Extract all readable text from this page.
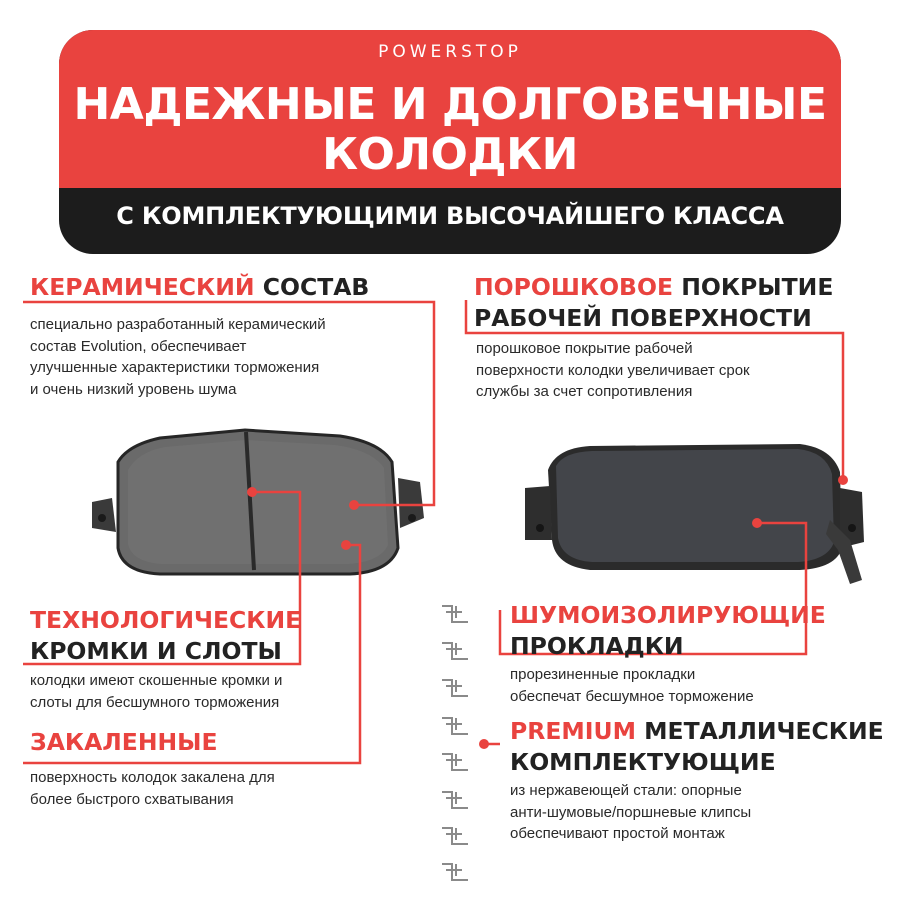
POWERSTOP
НАДЕЖНЫЕ И ДОЛГОВЕЧНЫЕ
КОЛОДКИ
С КОМПЛЕКТУЮЩИМИ ВЫСОЧАЙШЕГО КЛАССА
КЕРАМИЧЕСКИЙ СОСТАВ
специально разработанный керамический
состав Evolution, обеспечивает
улучшенные характеристики торможения
и очень низкий уровень шума
ПОРОШКОВОЕ ПОКРЫТИЕ
РАБОЧЕЙ ПОВЕРХНОСТИ
порошковое покрытие рабочей
поверхности колодки увеличивает срок
службы за счет сопротивления
ТЕХНОЛОГИЧЕСКИЕ
КРОМКИ И СЛОТЫ
колодки имеют скошенные кромки и
слоты для бесшумного торможения
ЗАКАЛЕННЫЕ
поверхность колодок закалена для
более быстрого схватывания
ШУМОИЗОЛИРУЮЩИЕ
ПРОКЛАДКИ
прорезиненные прокладки
обеспечат бесшумное торможение
PREMIUM МЕТАЛЛИЧЕСКИЕ
КОМПЛЕКТУЮЩИЕ
из нержавеющей стали: опорные
анти-шумовые/поршневые клипсы
обеспечивают простой монтаж
